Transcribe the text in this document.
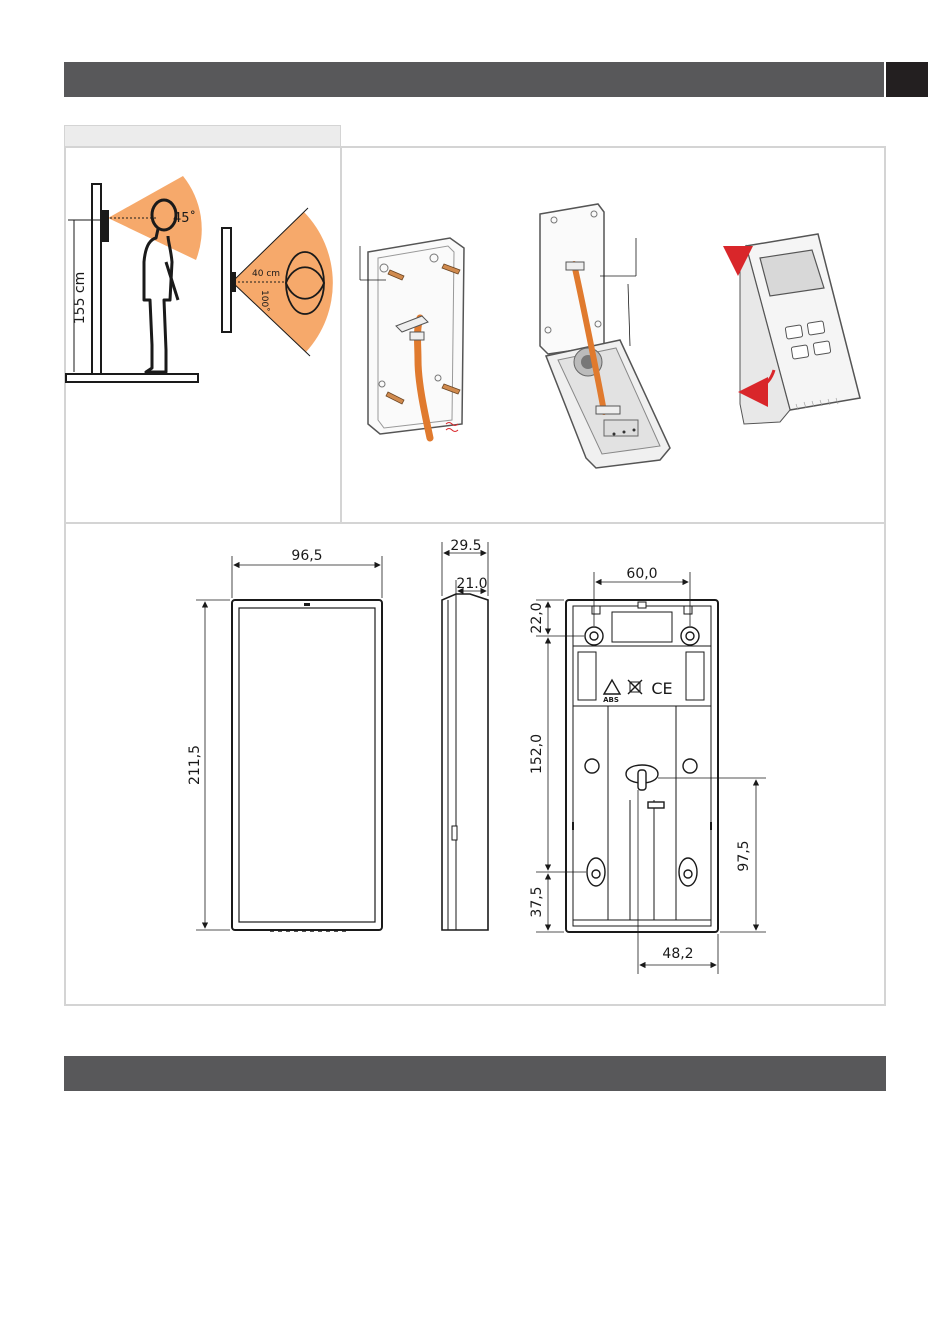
45˚
155 cm	40 cm
100˚
96,5
211,5
29.5
21.0
ABS
CE
60,0
22,0
152,0
37,5
97,5
48,2
